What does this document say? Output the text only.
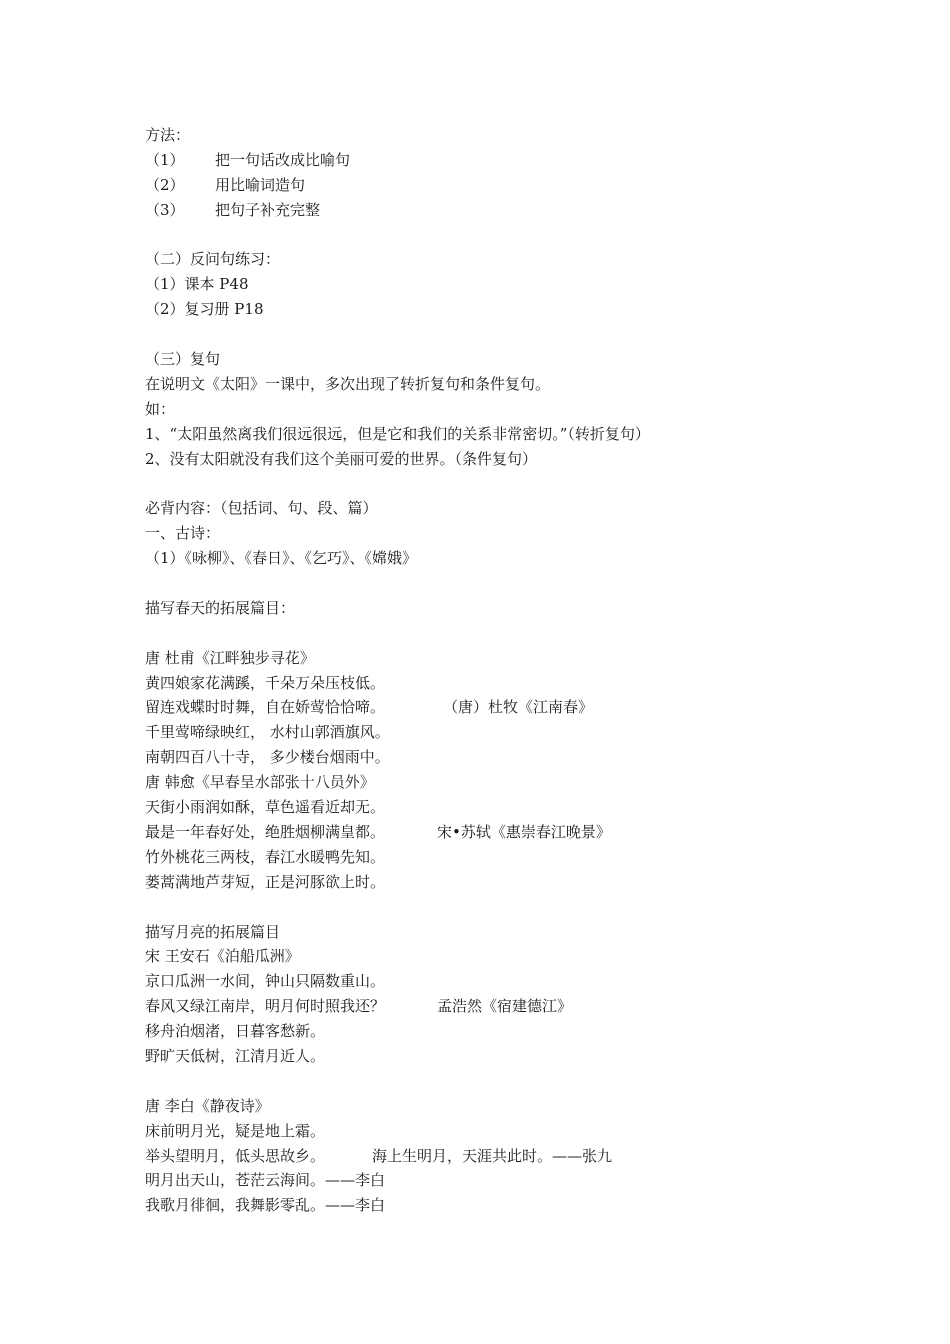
方法：
（1） 把一句话改成比喻句
（2） 用比喻词造句
（3） 把句子补充完整
（二）反问句练习：
（1）课本 P48
（2）复习册 P18
（三）复句
在说明文《太阳》一课中，多次出现了转折复句和条件复句。
如：
1、“太阳虽然离我们很远很远，但是它和我们的关系非常密切。”（转折复句）
2、没有太阳就没有我们这个美丽可爱的世界。（条件复句）
必背内容：（包括词、句、段、篇）
一、古诗：
（1）《咏柳》、《春日》、《乞巧》、《嫦娥》
描写春天的拓展篇目：
唐 杜甫《江畔独步寻花》
黄四娘家花满蹊，千朵万朵压枝低。
留连戏蝶时时舞，自在娇莺恰恰啼。	（唐）杜牧《江南春》
千里莺啼绿映红， 水村山郭酒旗风。
南朝四百八十寺， 多少楼台烟雨中。
唐 韩愈《早春呈水部张十八员外》
天街小雨润如酥，草色遥看近却无。
最是一年春好处，绝胜烟柳满皇都。	宋•苏轼《惠崇春江晚景》
竹外桃花三两枝，春江水暖鸭先知。
蒌蒿满地芦芽短，正是河豚欲上时。
描写月亮的拓展篇目
宋 王安石《泊船瓜洲》
京口瓜洲一水间，钟山只隔数重山。
春风又绿江南岸，明月何时照我还？	孟浩然《宿建德江》
移舟泊烟渚，日暮客愁新。
野旷天低树，江清月近人。
唐 李白《静夜诗》
床前明月光，疑是地上霜。
举头望明月，低头思故乡。	海上生明月，天涯共此时。——张九
明月出天山，苍茫云海间。——李白
我歌月徘徊，我舞影零乱。——李白
